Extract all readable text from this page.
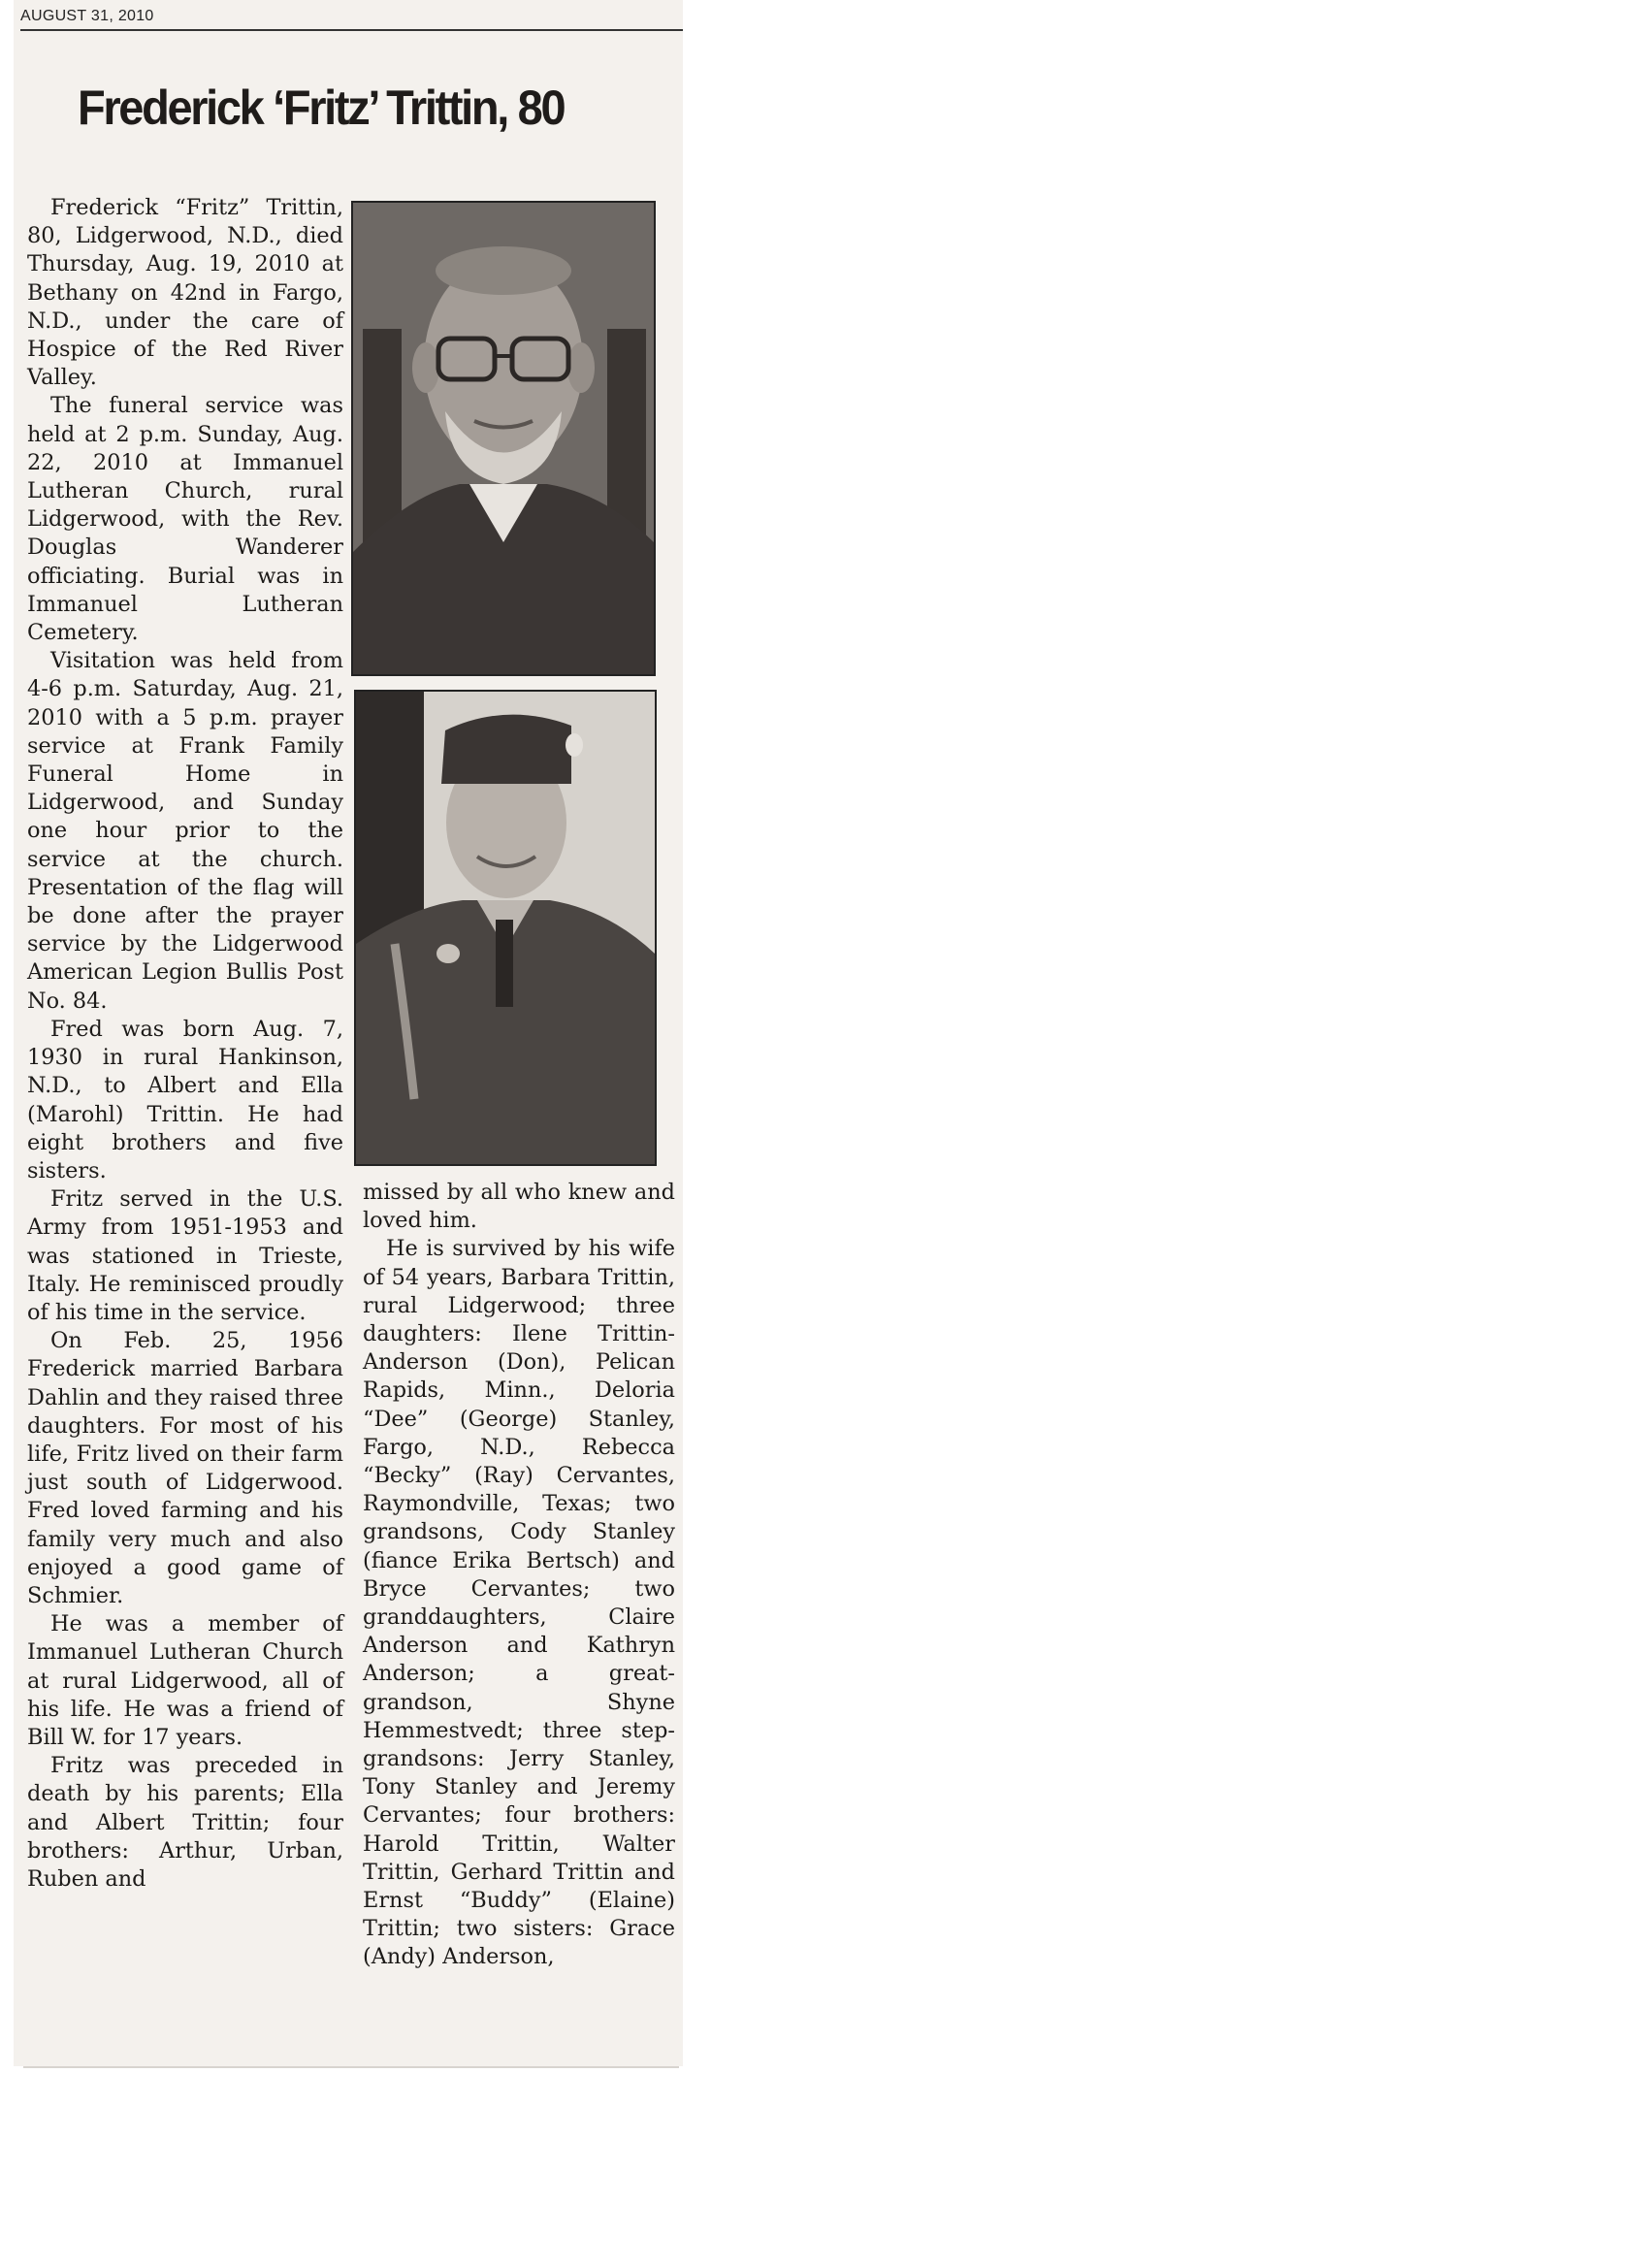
AUGUST 31, 2010
Frederick ‘Fritz’ Trittin, 80

Frederick “Fritz” Trittin, 80, Lidgerwood, N.D., died Thursday, Aug. 19, 2010 at Bethany on 42nd in Fargo, N.D., under the care of Hospice of the Red River Valley.

The funeral service was held at 2 p.m. Sunday, Aug. 22, 2010 at Immanuel Lutheran Church, rural Lidgerwood, with the Rev. Douglas Wanderer officiating. Burial was in Immanuel Lutheran Cemetery.

Visitation was held from 4-6 p.m. Saturday, Aug. 21, 2010 with a 5 p.m. prayer service at Frank Family Funeral Home in Lidgerwood, and Sunday one hour prior to the service at the church. Presentation of the flag will be done after the prayer service by the Lidgerwood American Legion Bullis Post No. 84.

Fred was born Aug. 7, 1930 in rural Hankinson, N.D., to Albert and Ella (Marohl) Trittin. He had eight brothers and five sisters.

Fritz served in the U.S. Army from 1951-1953 and was stationed in Trieste, Italy. He reminisced proudly of his time in the service.

On Feb. 25, 1956 Frederick married Barbara Dahlin and they raised three daughters. For most of his life, Fritz lived on their farm just south of Lidgerwood. Fred loved farming and his family very much and also enjoyed a good game of Schmier.

He was a member of Immanuel Lutheran Church at rural Lidgerwood, all of his life. He was a friend of Bill W. for 17 years.

Fritz was preceded in death by his parents; Ella and Albert Trittin; four brothers: Arthur, Urban, Ruben and

missed by all who knew and loved him.

He is survived by his wife of 54 years, Barbara Trittin, rural Lidgerwood; three daughters: Ilene Trittin-Anderson (Don), Pelican Rapids, Minn., Deloria “Dee” (George) Stanley, Fargo, N.D., Rebecca “Becky” (Ray) Cervantes, Raymondville, Texas; two grandsons, Cody Stanley (fiance Erika Bertsch) and Bryce Cervantes; two granddaughters, Claire Anderson and Kathryn Anderson; a great-grandson, Shyne Hemmestvedt; three step-grandsons: Jerry Stanley, Tony Stanley and Jeremy Cervantes; four brothers: Harold Trittin, Walter Trittin, Gerhard Trittin and Ernst “Buddy” (Elaine) Trittin; two sisters: Grace (Andy) Anderson,
